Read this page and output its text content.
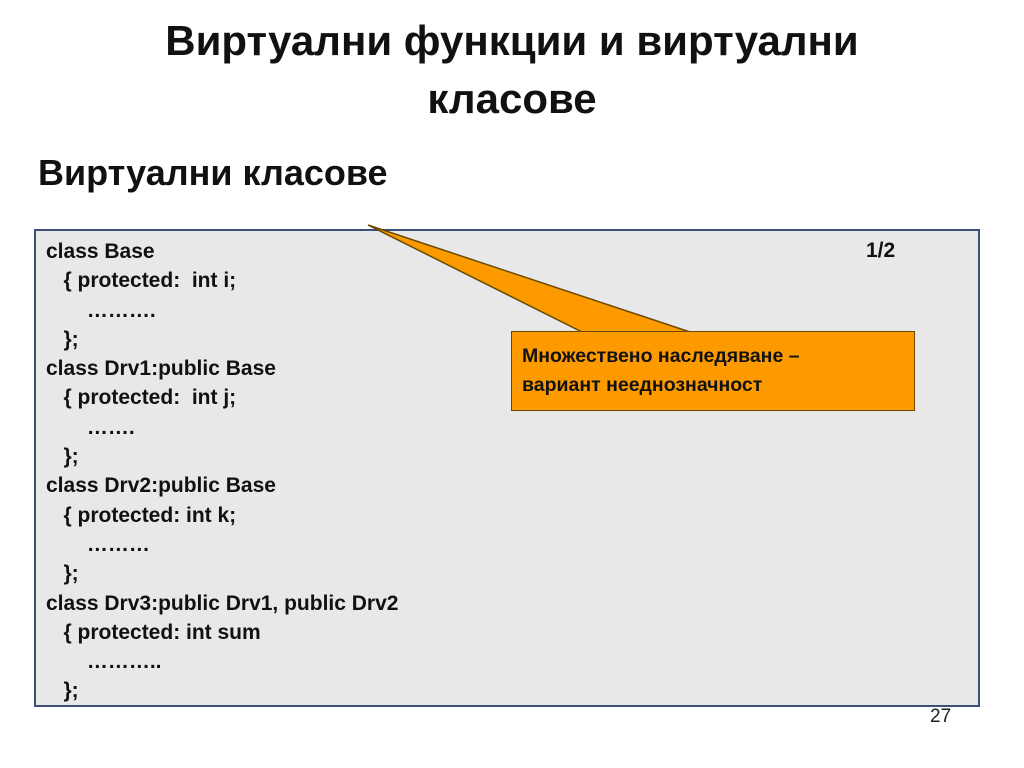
Виртуални функции и виртуални
класове
Виртуални класове
class Base
{ protected:  int i;
……….
};
class Drv1:public Base
{ protected:  int j;
…….
};
class Drv2:public Base
{ protected: int k;
………
};
class Drv3:public Drv1, public Drv2
{ protected: int sum
………..
};
1/2
Множествено наследяване –
вариант нееднозначност
27
